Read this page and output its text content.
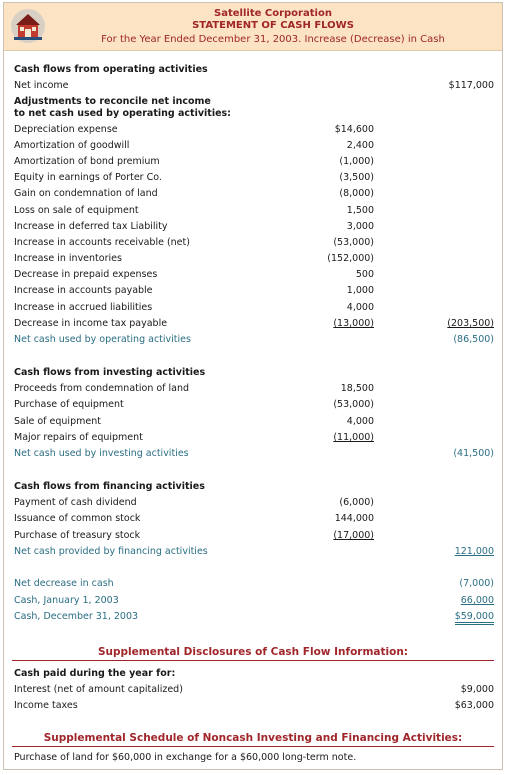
Satellite Corporation
STATEMENT OF CASH FLOWS
For the Year Ended December 31, 2003. Increase (Decrease) in Cash
Cash flows from operating activities
Net income	$117,000
Adjustments to reconcile net income
to net cash used by operating activities:
Depreciation expense	$14,600
Amortization of goodwill	2,400
Amortization of bond premium	(1,000)
Equity in earnings of Porter Co.	(3,500)
Gain on condemnation of land	(8,000)
Loss on sale of equipment	1,500
Increase in deferred tax Liability	3,000
Increase in accounts receivable (net)	(53,000)
Increase in inventories	(152,000)
Decrease in prepaid expenses	500
Increase in accounts payable	1,000
Increase in accrued liabilities	4,000
Decrease in income tax payable	(13,000)	(203,500)
Net cash used by operating activities	(86,500)
Cash flows from investing activities
Proceeds from condemnation of land	18,500
Purchase of equipment	(53,000)
Sale of equipment	4,000
Major repairs of equipment	(11,000)
Net cash used by investing activities	(41,500)
Cash flows from financing activities
Payment of cash dividend	(6,000)
Issuance of common stock	144,000
Purchase of treasury stock	(17,000)
Net cash provided by financing activities	121,000
Net decrease in cash	(7,000)
Cash, January 1, 2003	66,000
Cash, December 31, 2003	$59,000
Supplemental Disclosures of Cash Flow Information:
Cash paid during the year for:
Interest (net of amount capitalized)	$9,000
Income taxes	$63,000
Supplemental Schedule of Noncash Investing and Financing Activities:
Purchase of land for $60,000 in exchange for a $60,000 long-term note.
